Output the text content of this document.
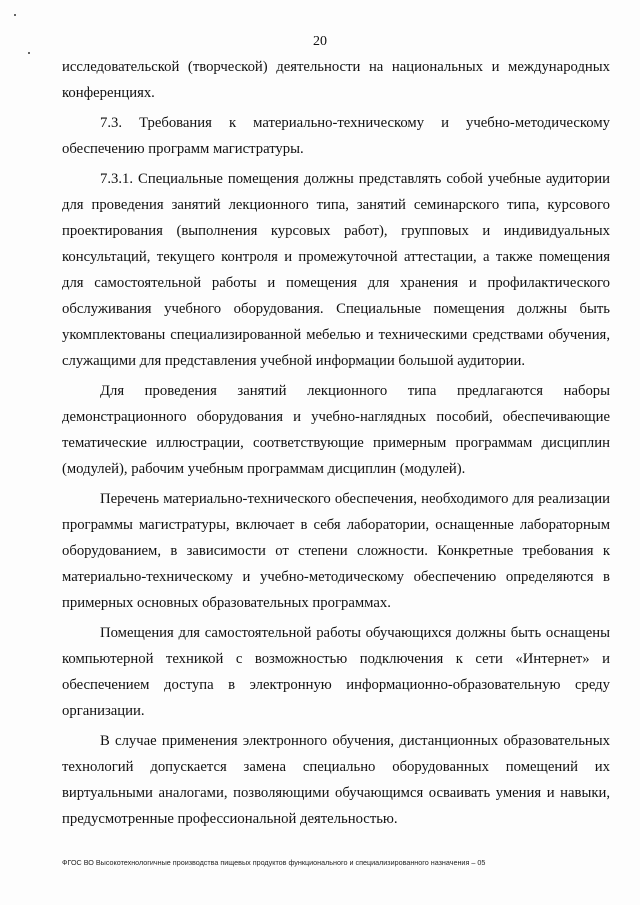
20

исследовательской (творческой) деятельности на национальных и международных конференциях.

7.3. Требования к материально-техническому и учебно-методическому обеспечению программ магистратуры.

7.3.1. Специальные помещения должны представлять собой учебные аудитории для проведения занятий лекционного типа, занятий семинарского типа, курсового проектирования (выполнения курсовых работ), групповых и индивидуальных консультаций, текущего контроля и промежуточной аттестации, а также помещения для самостоятельной работы и помещения для хранения и профилактического обслуживания учебного оборудования. Специальные помещения должны быть укомплектованы специализированной мебелью и техническими средствами обучения, служащими для представления учебной информации большой аудитории.

Для проведения занятий лекционного типа предлагаются наборы демонстрационного оборудования и учебно-наглядных пособий, обеспечивающие тематические иллюстрации, соответствующие примерным программам дисциплин (модулей), рабочим учебным программам дисциплин (модулей).

Перечень материально-технического обеспечения, необходимого для реализации программы магистратуры, включает в себя лаборатории, оснащенные лабораторным оборудованием, в зависимости от степени сложности. Конкретные требования к материально-техническому и учебно-методическому обеспечению определяются в примерных основных образовательных программах.

Помещения для самостоятельной работы обучающихся должны быть оснащены компьютерной техникой с возможностью подключения к сети «Интернет» и обеспечением доступа в электронную информационно-образовательную среду организации.

В случае применения электронного обучения, дистанционных образовательных технологий допускается замена специально оборудованных помещений их виртуальными аналогами, позволяющими обучающимся осваивать умения и навыки, предусмотренные профессиональной деятельностью.

ФГОС ВО Высокотехнологичные производства пищевых продуктов функционального и специализированного назначения – 05
